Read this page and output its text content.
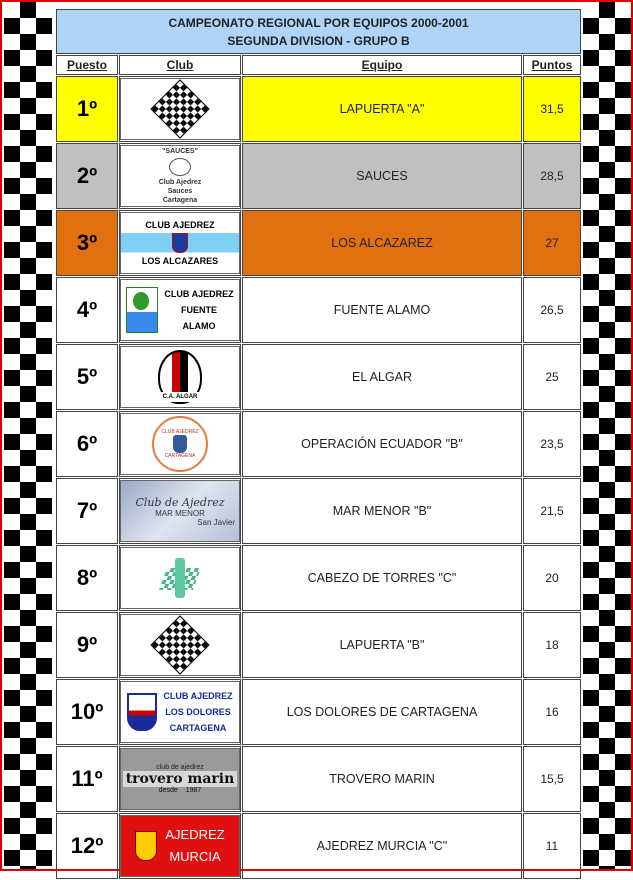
CAMPEONATO REGIONAL POR EQUIPOS 2000-2001
SEGUNDA DIVISION - GRUPO B			

Puesto	Club	Equipo	Puntos
1º		LAPUERTA "A"	31,5
2º	"SAUCES"
Club Ajedrez
Sauces
Cartagena	SAUCES	28,5
3º	CLUB AJEDREZ
LOS ALCAZARES	LOS ALCAZAREZ	27
4º	CLUB AJEDREZ
FUENTE
ALAMO	FUENTE ALAMO	26,5
5º	C.A. ALGAR	EL ALGAR	25
6º	CLUB AJEDREZ
CARTAGENA	OPERACIÓN ECUADOR "B"	23,5
7º	Club de Ajedrez
MAR MENOR
San Javier	MAR MENOR "B"	21,5
8º		CABEZO DE TORRES "C"	20
9º		LAPUERTA "B"	18
10º	CLUB AJEDREZ
LOS DOLORES
CARTAGENA	LOS DOLORES DE CARTAGENA	16
11º	club de ajedrez
trovero marin
desde 1987	TROVERO MARIN	15,5
12º	AJEDREZ
MURCIA	AJEDREZ MURCIA "C"	11
